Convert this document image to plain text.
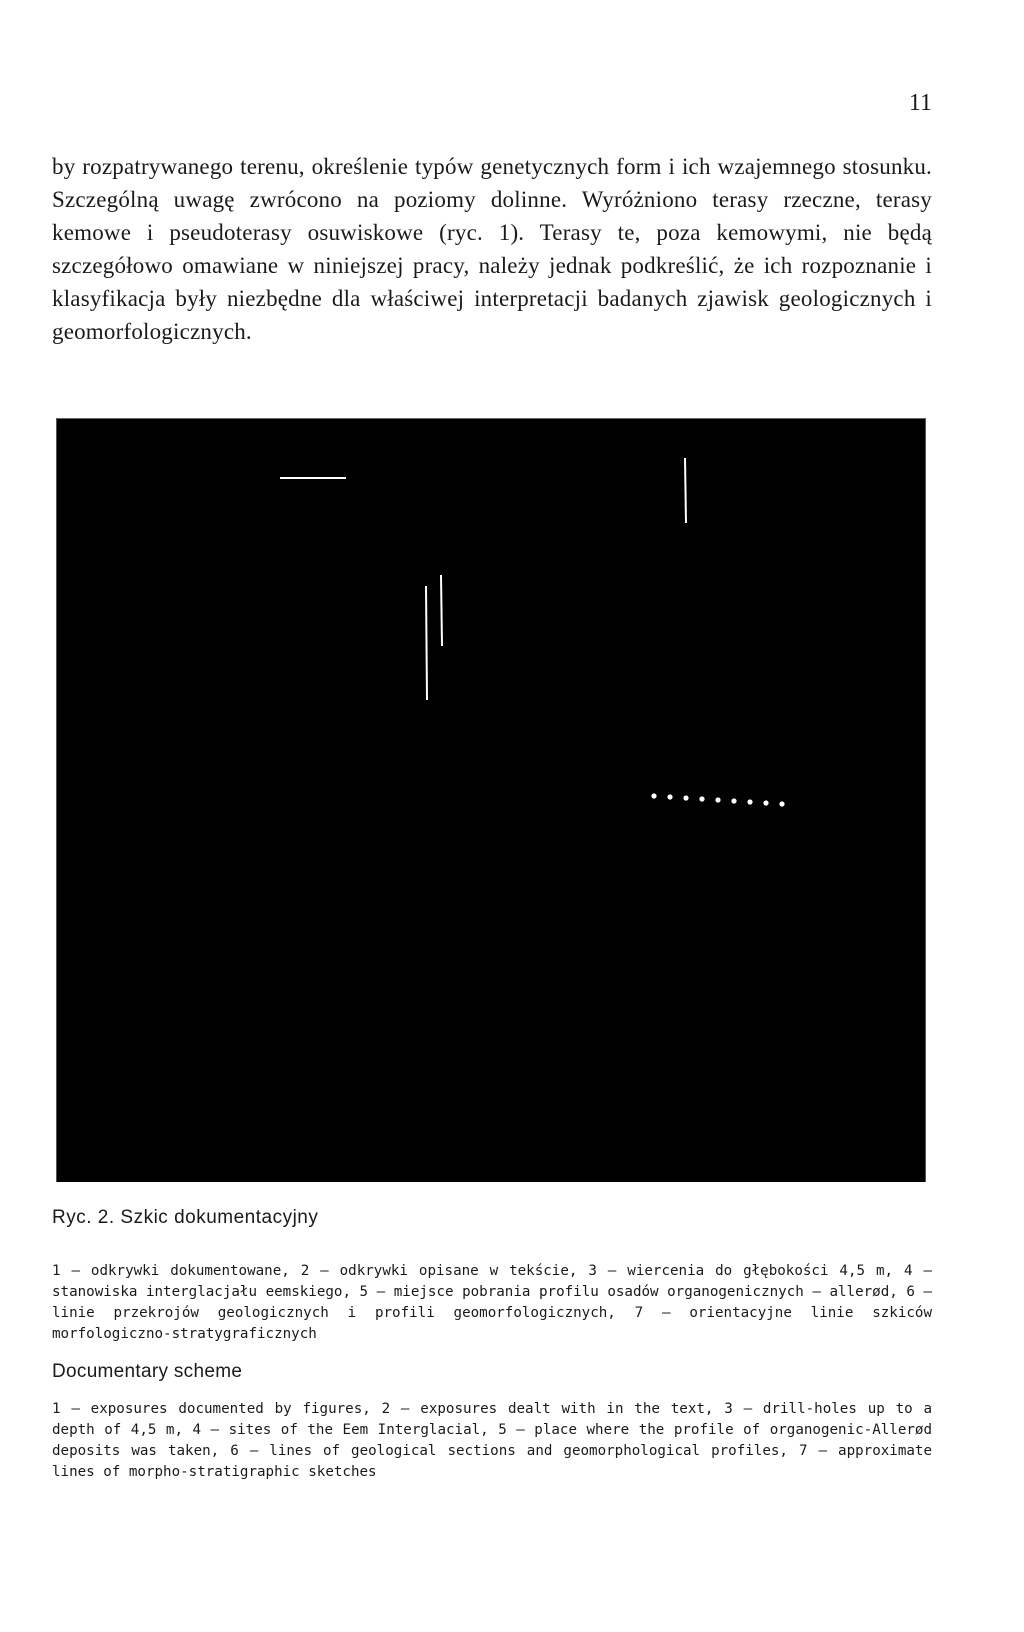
11
by rozpatrywanego terenu, określenie typów genetycznych form i ich wzajemnego stosunku. Szczególną uwagę zwrócono na poziomy dolinne. Wyróżniono terasy rzeczne, terasy kemowe i pseudoterasy osuwiskowe (ryc. 1). Terasy te, poza kemowymi, nie będą szczegółowo omawiane w niniejszej pracy, należy jednak podkreślić, że ich rozpoznanie i klasyfikacja były niezbędne dla właściwej interpretacji badanych zjawisk geologicznych i geomorfologicznych.
Ryc. 2. Szkic dokumentacyjny
1 — odkrywki dokumentowane, 2 — odkrywki opisane w tekście, 3 — wiercenia do głębokości 4,5 m, 4 — stanowiska interglacjału eemskiego, 5 — miejsce pobrania profilu osadów organogenicznych — allerød, 6 — linie przekrojów geologicznych i profili geomorfologicznych, 7 — orientacyjne linie szkiców morfologiczno-stratygraficznych
Documentary scheme
1 — exposures documented by figures, 2 — exposures dealt with in the text, 3 — drill-holes up to a depth of 4,5 m, 4 — sites of the Eem Interglacial, 5 — place where the profile of organogenic-Allerød deposits was taken, 6 — lines of geological sections and geomorphological profiles, 7 — approximate lines of morpho-stratigraphic sketches
